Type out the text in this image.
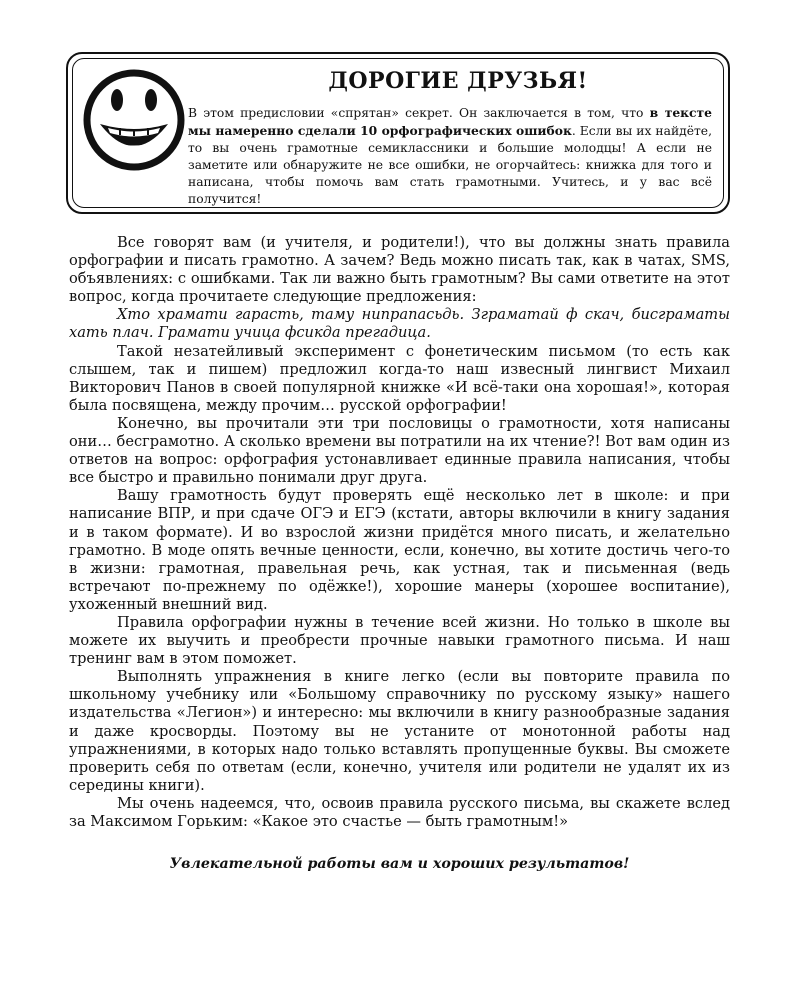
ДОРОГИЕ ДРУЗЬЯ!
В этом предисловии «спрятан» секрет. Он заключается в том, что в тексте мы намеренно сделали 10 орфографических ошибок. Если вы их найдёте, то вы очень грамотные семиклассники и большие молодцы! А если не заметите или обнаружите не все ошибки, не огорчайтесь: книжка для того и написана, чтобы помочь вам стать грамотными. Учитесь, и у вас всё получится!

Все говорят вам (и учителя, и родители!), что вы должны знать правила орфографии и писать грамотно. А зачем? Ведь можно писать так, как в чатах, SMS, объявлениях: с ошибками. Так ли важно быть грамотным? Вы сами ответите на этот вопрос, когда прочитаете следующие предложения:

Хто храмати гарасть, таму нипрапасьдь. Зграматай ф скач, бисграматы хать плач. Грамати учица фсикда прегадица.

Такой незатейливый эксперимент с фонетическим письмом (то есть как слышем, так и пишем) предложил когда-то наш извесный лингвист Михаил Викторович Панов в своей популярной книжке «И всё-таки она хорошая!», которая была посвящена, между прочим… русской орфографии!

Конечно, вы прочитали эти три пословицы о грамотности, хотя написаны они… бесграмотно. А сколько времени вы потратили на их чтение?! Вот вам один из ответов на вопрос: орфография устонавливает единные правила написания, чтобы все быстро и правильно понимали друг друга.

Вашу грамотность будут проверять ещё несколько лет в школе: и при написание ВПР, и при сдаче ОГЭ и ЕГЭ (кстати, авторы включили в книгу задания и в таком формате). И во взрослой жизни придётся много писать, и желательно грамотно. В моде опять вечные ценности, если, конечно, вы хотите достичь чего-то в жизни: грамотная, правельная речь, как устная, так и письменная (ведь встречают по-прежнему по одёжке!), хорошие манеры (хорошее воспитание), ухоженный внешний вид.

Правила орфографии нужны в течение всей жизни. Но только в школе вы можете их выучить и преобрести прочные навыки грамотного письма. И наш тренинг вам в этом поможет.

Выполнять упражнения в книге легко (если вы повторите правила по школьному учебнику или «Большому справочнику по русскому языку» нашего издательства «Легион») и интересно: мы включили в книгу разнообразные задания и даже кросворды. Поэтому вы не устаните от монотонной работы над упражнениями, в которых надо только вставлять пропущенные буквы. Вы сможете проверить себя по ответам (если, конечно, учителя или родители не удалят их из середины книги).

Мы очень надеемся, что, освоив правила русского письма, вы скажете вслед за Максимом Горьким: «Какое это счастье — быть грамотным!»

Увлекательной работы вам и хороших результатов!
